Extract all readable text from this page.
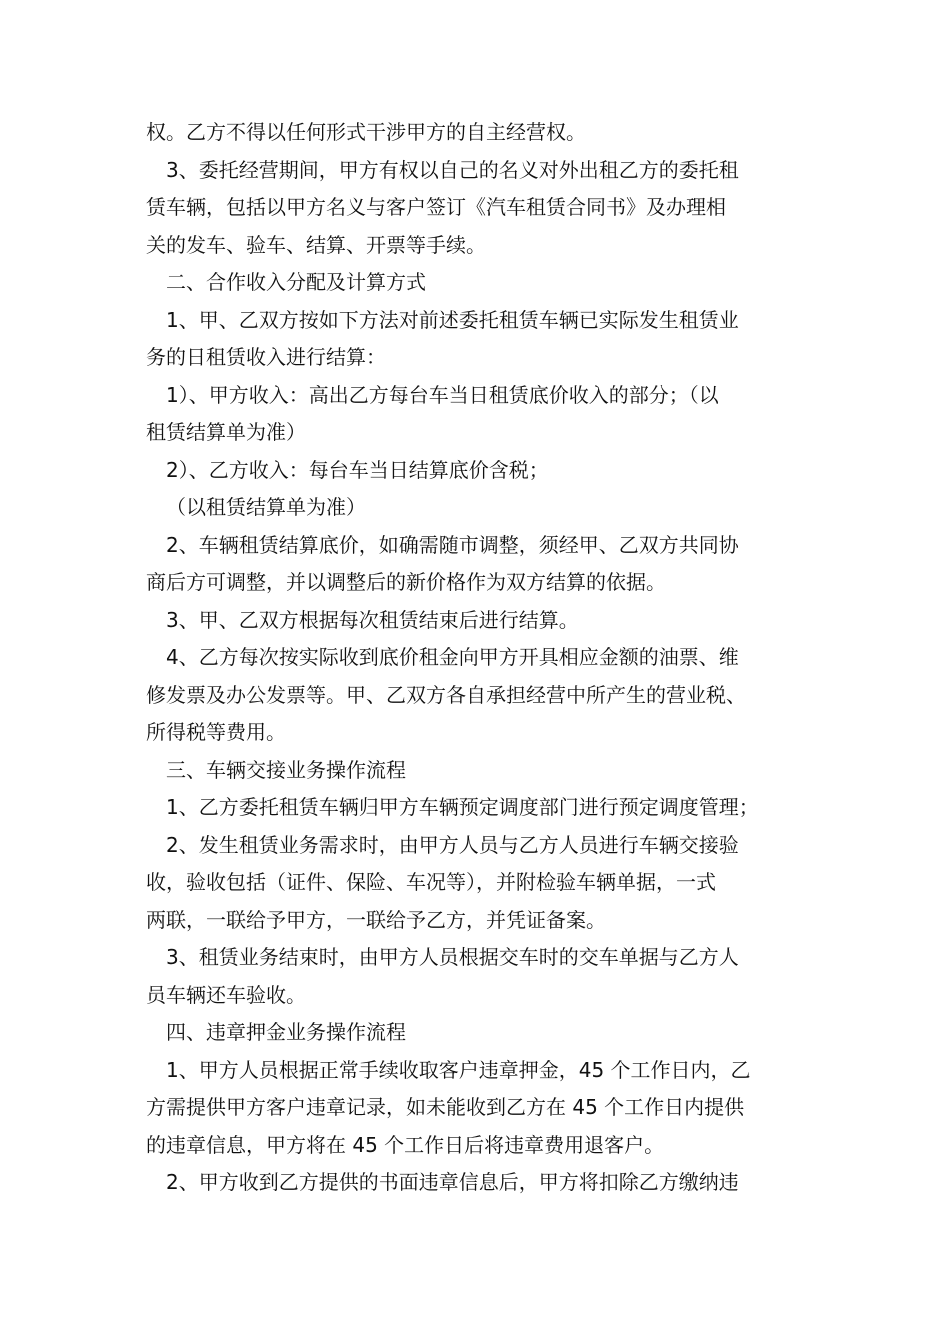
权。乙方不得以任何形式干涉甲方的自主经营权。

3、委托经营期间，甲方有权以自己的名义对外出租乙方的委托租

赁车辆，包括以甲方名义与客户签订《汽车租赁合同书》及办理相

关的发车、验车、结算、开票等手续。

二、合作收入分配及计算方式

1、甲、乙双方按如下方法对前述委托租赁车辆已实际发生租赁业

务的日租赁收入进行结算：

1）、甲方收入：高出乙方每台车当日租赁底价收入的部分；（以

租赁结算单为准）

2）、乙方收入：每台车当日结算底价含税；

（以租赁结算单为准）

2、车辆租赁结算底价，如确需随市调整，须经甲、乙双方共同协

商后方可调整，并以调整后的新价格作为双方结算的依据。

3、甲、乙双方根据每次租赁结束后进行结算。

4、乙方每次按实际收到底价租金向甲方开具相应金额的油票、维

修发票及办公发票等。甲、乙双方各自承担经营中所产生的营业税、

所得税等费用。

三、车辆交接业务操作流程

1、乙方委托租赁车辆归甲方车辆预定调度部门进行预定调度管理；

2、发生租赁业务需求时，由甲方人员与乙方人员进行车辆交接验

收，验收包括（证件、保险、车况等），并附检验车辆单据，一式

两联，一联给予甲方，一联给予乙方，并凭证备案。

3、租赁业务结束时，由甲方人员根据交车时的交车单据与乙方人

员车辆还车验收。

四、违章押金业务操作流程

1、甲方人员根据正常手续收取客户违章押金，45 个工作日内，乙

方需提供甲方客户违章记录，如未能收到乙方在 45 个工作日内提供

的违章信息，甲方将在 45 个工作日后将违章费用退客户。

2、甲方收到乙方提供的书面违章信息后，甲方将扣除乙方缴纳违
